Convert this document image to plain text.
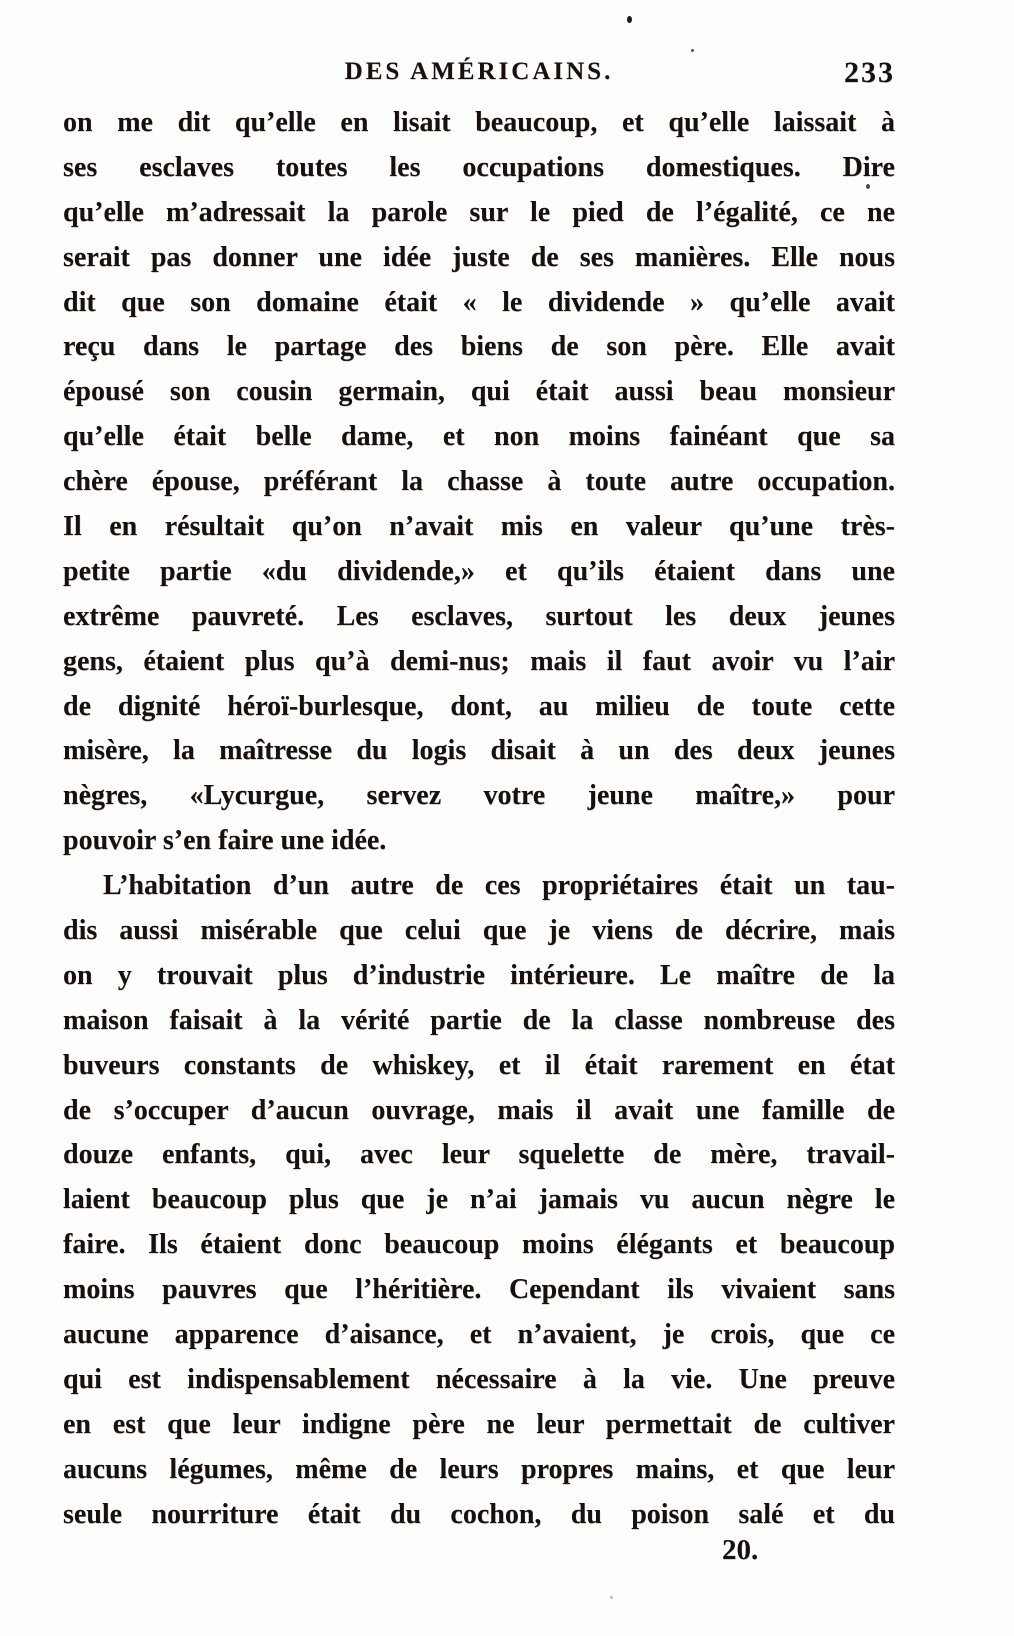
DES AMÉRICAINS.	233
on me dit qu’elle en lisait beaucoup, et qu’elle laissait à
ses esclaves toutes les occupations domestiques. Dire
qu’elle m’adressait la parole sur le pied de l’égalité, ce ne
serait pas donner une idée juste de ses manières. Elle nous
dit que son domaine était « le dividende » qu’elle avait
reçu dans le partage des biens de son père. Elle avait
épousé son cousin germain, qui était aussi beau monsieur
qu’elle était belle dame, et non moins fainéant que sa
chère épouse, préférant la chasse à toute autre occupation.
Il en résultait qu’on n’avait mis en valeur qu’une très-
petite partie «du dividende,» et qu’ils étaient dans une
extrême pauvreté. Les esclaves, surtout les deux jeunes
gens, étaient plus qu’à demi-nus; mais il faut avoir vu l’air
de dignité héroï-burlesque, dont, au milieu de toute cette
misère, la maîtresse du logis disait à un des deux jeunes
nègres, «Lycurgue, servez votre jeune maître,» pour
pouvoir s’en faire une idée.
L’habitation d’un autre de ces propriétaires était un tau-
dis aussi misérable que celui que je viens de décrire, mais
on y trouvait plus d’industrie intérieure. Le maître de la
maison faisait à la vérité partie de la classe nombreuse des
buveurs constants de whiskey, et il était rarement en état
de s’occuper d’aucun ouvrage, mais il avait une famille de
douze enfants, qui, avec leur squelette de mère, travail-
laient beaucoup plus que je n’ai jamais vu aucun nègre le
faire. Ils étaient donc beaucoup moins élégants et beaucoup
moins pauvres que l’héritière. Cependant ils vivaient sans
aucune apparence d’aisance, et n’avaient, je crois, que ce
qui est indispensablement nécessaire à la vie. Une preuve
en est que leur indigne père ne leur permettait de cultiver
aucuns légumes, même de leurs propres mains, et que leur
seule nourriture était du cochon, du poison salé et du
20.
